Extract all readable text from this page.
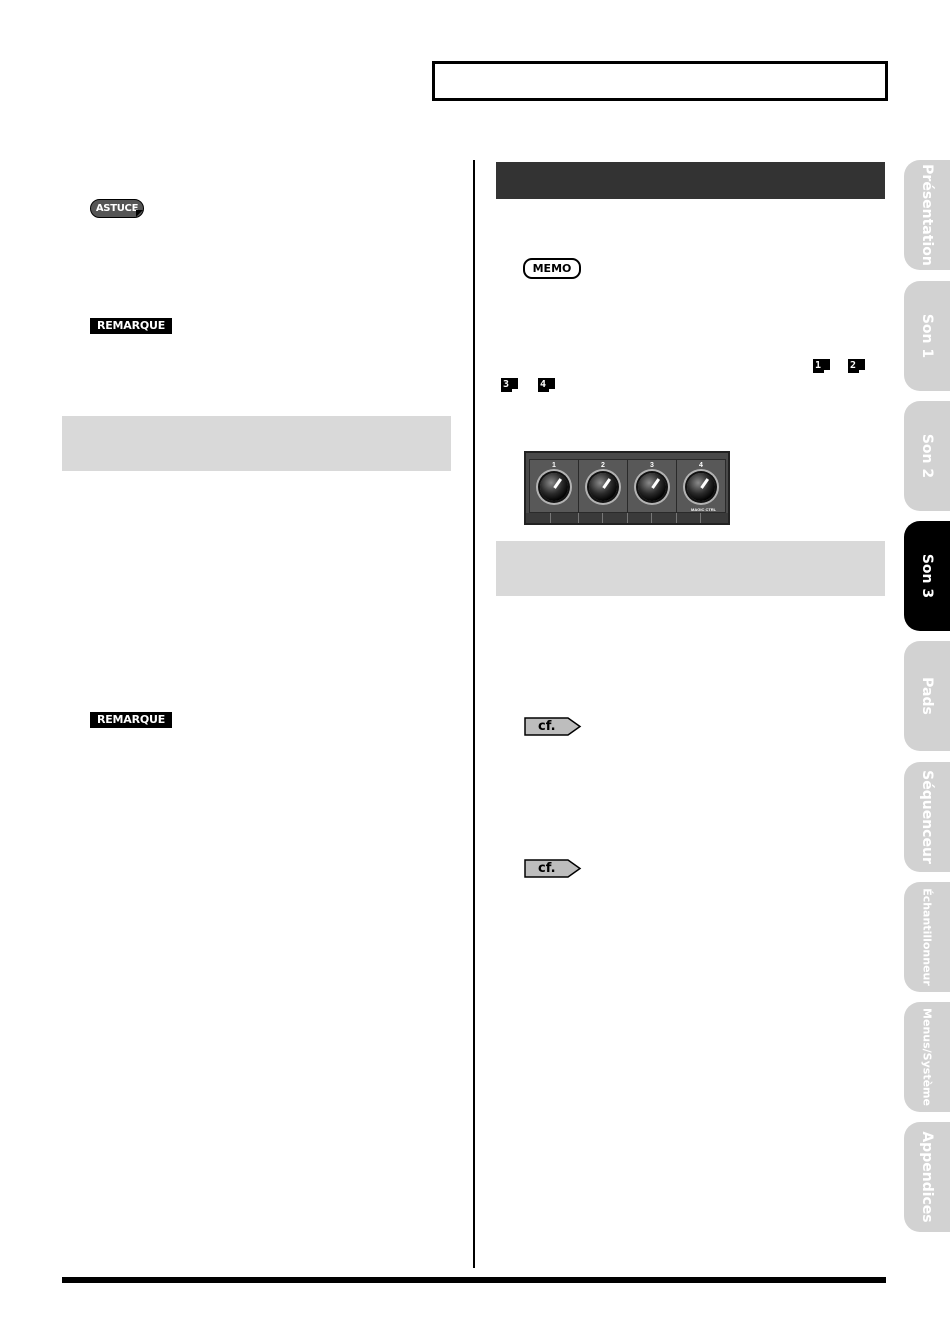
ASTUCE
REMARQUE
REMARQUE
MEMO
1	2
3	4
1	2	3	4
MAGIC CTRL
cf.
cf.
Présentation
Son 1
Son 2
Son 3
Pads
Séquenceur
Échantillonneur
Menus/Système
Appendices
